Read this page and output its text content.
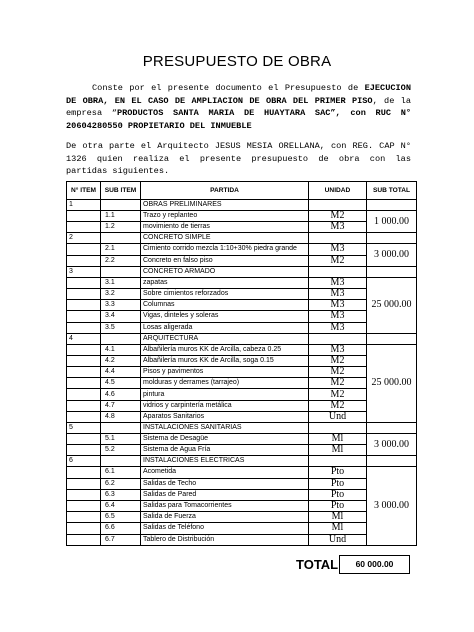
PRESUPUESTO DE OBRA
Conste por el presente documento el Presupuesto de EJECUCION DE OBRA, EN EL CASO DE AMPLIACION DE OBRA DEL PRIMER PISO, de la empresa “PRODUCTOS SANTA MARIA DE HUAYTARA SAC”, con RUC N° 20604280550 PROPIETARIO DEL INMUEBLE
De otra parte el Arquitecto JESUS MESIA ORELLANA, con REG. CAP N° 1326 quien realiza el presente presupuesto de obra con las partidas siguientes.
N° ITEM	SUB ITEM	PARTIDA	UNIDAD	SUB TOTAL
1		OBRAS PRELIMINARES		
	1.1	Trazo y replanteo	M2	1 000.00
	1.2	movimiento de tierras	M3	
2		CONCRETO SIMPLE		
	2.1	Cimiento corrido mezcla 1:10+30% piedra grande	M3	3 000.00
	2.2	Concreto en falso piso	M2	
3		CONCRETO ARMADO		
	3.1	zapatas	M3	25 000.00
	3.2	Sobre cimientos reforzados	M3	
	3.3	Columnas	M3	
	3.4	Vigas, dinteles y soleras	M3	
	3.5	Losas aligerada	M3	
4		ARQUITECTURA		
	4.1	Albañilería muros KK de Arcilla, cabeza 0.25	M3	25 000.00
	4.2	Albañilería muros KK de Arcilla, soga 0.15	M2	
	4.4	Pisos y pavimentos	M2	
	4.5	molduras y derrames (tarrajeo)	M2	
	4.6	pintura	M2	
	4.7	vidrios y carpintería metálica	M2	
	4.8	Aparatos Sanitarios	Und	
5		INSTALACIONES SANITARIAS		
	5.1	Sistema de Desagüe	Ml	3 000.00
	5.2	Sistema de Agua Fría	Ml	
6		INSTALACIONES ELECTRICAS		
	6.1	Acometida	Pto	3 000.00
	6.2	Salidas de Techo	Pto	
	6.3	Salidas de Pared	Pto	
	6.4	Salidas para Tomacorrientes	Pto	
	6.5	Salida de Fuerza	Ml	
	6.6	Salidas de Teléfono	Ml	
	6.7	Tablero de Distribución	Und	
TOTAL	60 000.00
